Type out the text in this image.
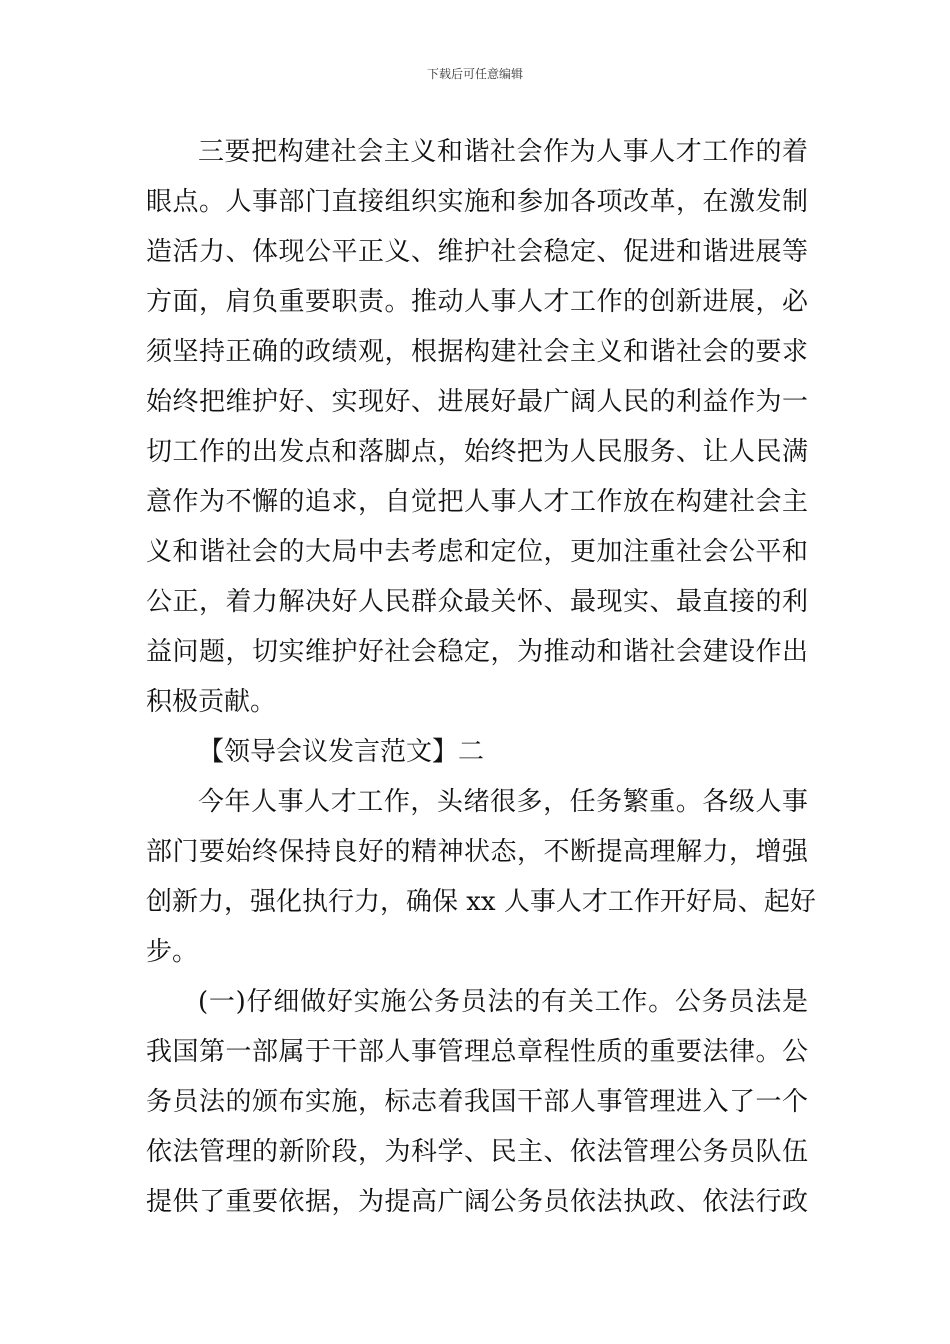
下载后可任意编辑
三要把构建社会主义和谐社会作为人事人才工作的着
眼点。人事部门直接组织实施和参加各项改革，在激发制
造活力、体现公平正义、维护社会稳定、促进和谐进展等
方面，肩负重要职责。推动人事人才工作的创新进展，必
须坚持正确的政绩观，根据构建社会主义和谐社会的要求
始终把维护好、实现好、进展好最广阔人民的利益作为一
切工作的出发点和落脚点，始终把为人民服务、让人民满
意作为不懈的追求，自觉把人事人才工作放在构建社会主
义和谐社会的大局中去考虑和定位，更加注重社会公平和
公正，着力解决好人民群众最关怀、最现实、最直接的利
益问题，切实维护好社会稳定，为推动和谐社会建设作出
积极贡献。
【领导会议发言范文】二
今年人事人才工作，头绪很多，任务繁重。各级人事
部门要始终保持良好的精神状态，不断提高理解力，增强
创新力，强化执行力，确保 xx 人事人才工作开好局、起好
步。
(一)仔细做好实施公务员法的有关工作。公务员法是
我国第一部属于干部人事管理总章程性质的重要法律。公
务员法的颁布实施，标志着我国干部人事管理进入了一个
依法管理的新阶段，为科学、民主、依法管理公务员队伍
提供了重要依据，为提高广阔公务员依法执政、依法行政
